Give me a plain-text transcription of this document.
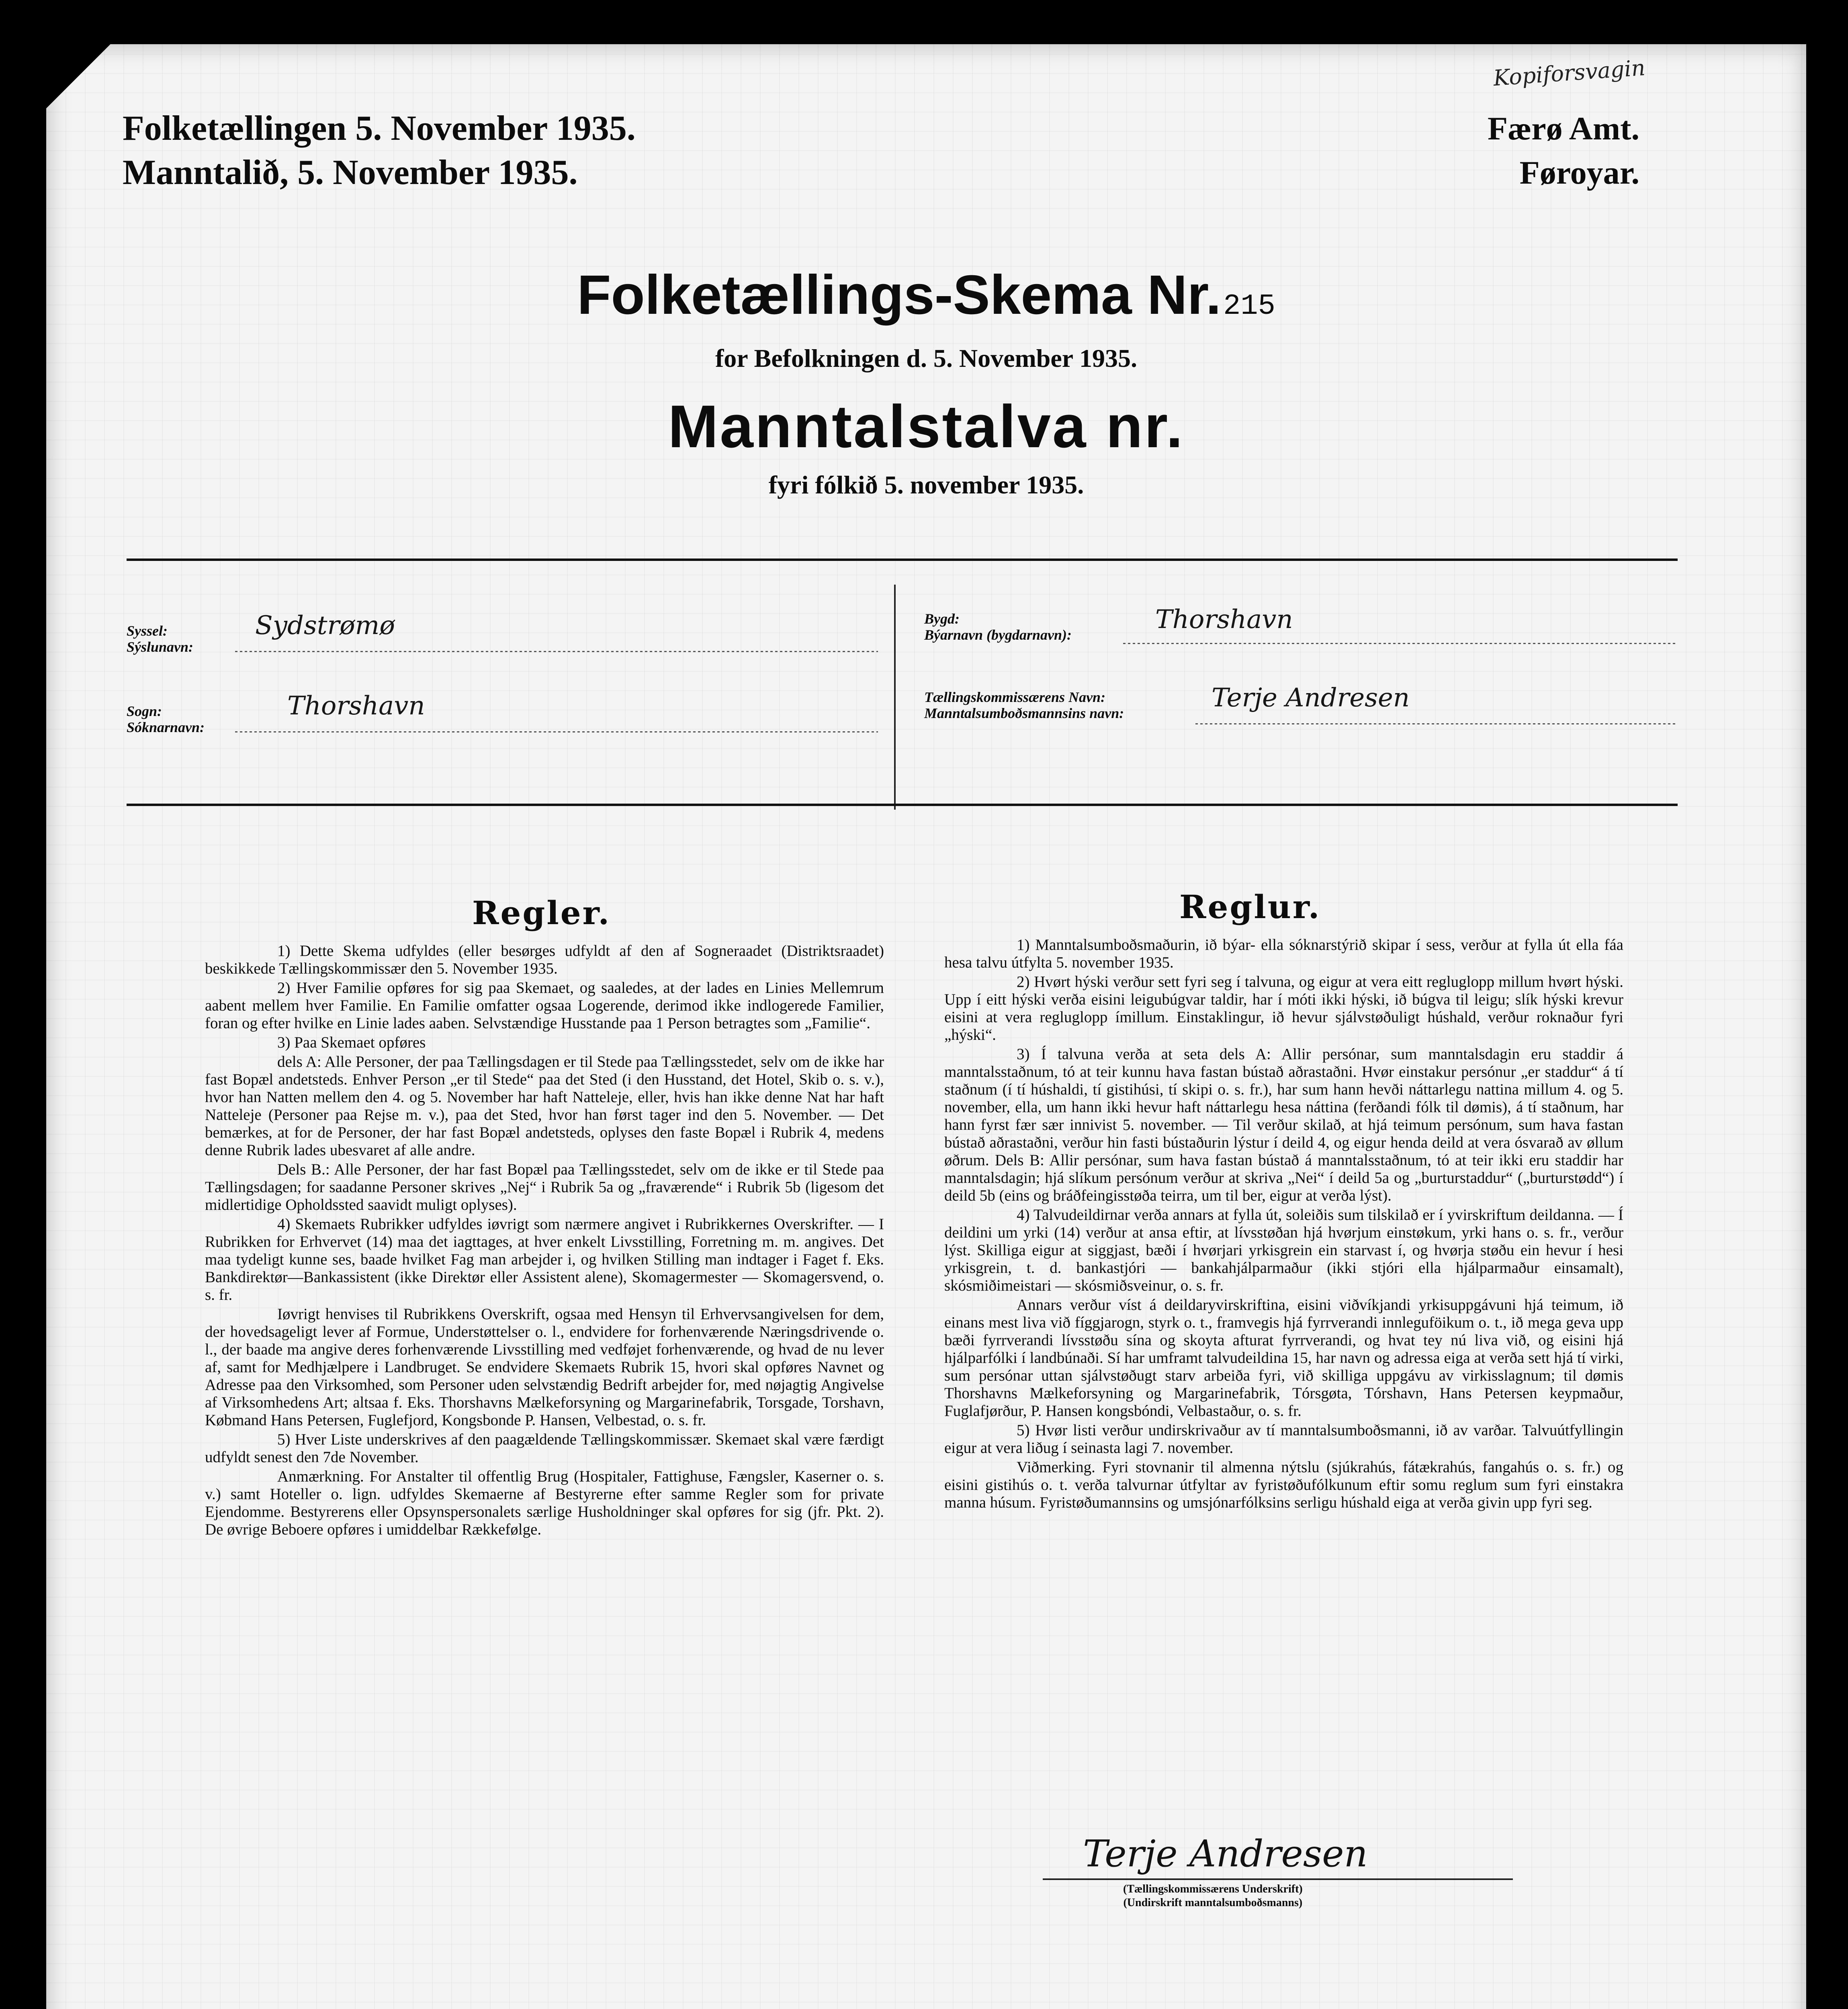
Folketællingen 5. November 1935.
Manntalið, 5. November 1935.
Kopiforsvagin
Færø Amt.
Føroyar.
Folketællings-Skema Nr. 215
for Befolkningen d. 5. November 1935.
Manntalstalva nr.
fyri fólkið 5. november 1935.
Syssel:
Sýslunavn:
Sydstrømø
Sogn:
Sóknarnavn:
Thorshavn
Bygd:
Býarnavn (bygdarnavn):
Thorshavn
Tællingskommissærens Navn:
Manntalsumboðsmannsins navn:
Terje Andresen
Regler.	Reglur.

1) Dette Skema udfyldes (eller besørges udfyldt af den af Sogneraadet (Distriktsraadet) beskikkede Tællingskommissær den 5. November 1935.

2) Hver Familie opføres for sig paa Skemaet, og saaledes, at der lades en Linies Mellemrum aabent mellem hver Familie. En Familie omfatter ogsaa Logerende, derimod ikke indlogerede Familier, foran og efter hvilke en Linie lades aaben. Selvstændige Husstande paa 1 Person betragtes som „Familie“.

3) Paa Skemaet opføres

dels A: Alle Personer, der paa Tællingsdagen er til Stede paa Tællingsstedet, selv om de ikke har fast Bopæl andetsteds. Enhver Person „er til Stede“ paa det Sted (i den Husstand, det Hotel, Skib o. s. v.), hvor han Natten mellem den 4. og 5. November har haft Natteleje, eller, hvis han ikke denne Nat har haft Natteleje (Personer paa Rejse m. v.), paa det Sted, hvor han først tager ind den 5. November. — Det bemærkes, at for de Personer, der har fast Bopæl andetsteds, oplyses den faste Bopæl i Rubrik 4, medens denne Rubrik lades ubesvaret af alle andre.

Dels B.: Alle Personer, der har fast Bopæl paa Tællingsstedet, selv om de ikke er til Stede paa Tællingsdagen; for saadanne Personer skrives „Nej“ i Rubrik 5a og „fraværende“ i Rubrik 5b (ligesom det midlertidige Opholdssted saavidt muligt oplyses).

4) Skemaets Rubrikker udfyldes iøvrigt som nærmere angivet i Rubrikkernes Overskrifter. — I Rubrikken for Erhvervet (14) maa det iagttages, at hver enkelt Livsstilling, Forretning m. m. angives. Det maa tydeligt kunne ses, baade hvilket Fag man arbejder i, og hvilken Stilling man indtager i Faget f. Eks. Bankdirektør—Bankassistent (ikke Direktør eller Assistent alene), Skomagermester — Skomagersvend, o. s. fr.

Iøvrigt henvises til Rubrikkens Overskrift, ogsaa med Hensyn til Erhvervsangivelsen for dem, der hovedsageligt lever af Formue, Understøttelser o. l., endvidere for forhenværende Næringsdrivende o. l., der baade ma angive deres forhenværende Livsstilling med vedføjet forhenværende, og hvad de nu lever af, samt for Medhjælpere i Landbruget. Se endvidere Skemaets Rubrik 15, hvori skal opføres Navnet og Adresse paa den Virksomhed, som Personer uden selvstændig Bedrift arbejder for, med nøjagtig Angivelse af Virksomhedens Art; altsaa f. Eks. Thorshavns Mælkeforsyning og Margarinefabrik, Torsgade, Torshavn, Købmand Hans Petersen, Fuglefjord, Kongsbonde P. Hansen, Velbestad, o. s. fr.

5) Hver Liste underskrives af den paagældende Tællingskommissær. Skemaet skal være færdigt udfyldt senest den 7de November.

Anmærkning. For Anstalter til offentlig Brug (Hospitaler, Fattighuse, Fængsler, Kaserner o. s. v.) samt Hoteller o. lign. udfyldes Skemaerne af Bestyrerne efter samme Regler som for private Ejendomme. Bestyrerens eller Opsynspersonalets særlige Husholdninger skal opføres for sig (jfr. Pkt. 2). De øvrige Beboere opføres i umiddelbar Rækkefølge.

1) Manntalsumboðsmaðurin, ið býar- ella sóknarstýrið skipar í sess, verður at fylla út ella fáa hesa talvu útfylta 5. november 1935.

2) Hvørt hýski verður sett fyri seg í talvuna, og eigur at vera eitt regluglopp millum hvørt hýski. Upp í eitt hýski verða eisini leigubúgvar taldir, har í móti ikki hýski, ið búgva til leigu; slík hýski krevur eisini at vera regluglopp ímillum. Einstaklingur, ið hevur sjálvstøðuligt húshald, verður roknaður fyri „hýski“.

3) Í talvuna verða at seta dels A: Allir persónar, sum manntalsdagin eru staddir á manntalsstaðnum, tó at teir kunnu hava fastan bústað aðrastaðni. Hvør einstakur persónur „er staddur“ á tí staðnum (í tí húshaldi, tí gistihúsi, tí skipi o. s. fr.), har sum hann hevði náttarlegu nattina millum 4. og 5. november, ella, um hann ikki hevur haft náttarlegu hesa náttina (ferðandi fólk til dømis), á tí staðnum, har hann fyrst fær sær innivist 5. november. — Til verður skilað, at hjá teimum persónum, sum hava fastan bústað aðrastaðni, verður hin fasti bústaðurin lýstur í deild 4, og eigur henda deild at vera ósvarað av øllum øðrum. Dels B: Allir persónar, sum hava fastan bústað á manntalsstaðnum, tó at teir ikki eru staddir har manntalsdagin; hjá slíkum persónum verður at skriva „Nei“ í deild 5a og „burturstaddur“ („burturstødd“) í deild 5b (eins og bráðfeingisstøða teirra, um til ber, eigur at verða lýst).

4) Talvudeildirnar verða annars at fylla út, soleiðis sum tilskilað er í yvirskriftum deildanna. — Í deildini um yrki (14) verður at ansa eftir, at lívsstøðan hjá hvørjum einstøkum, yrki hans o. s. fr., verður lýst. Skilliga eigur at siggjast, bæði í hvørjari yrkisgrein ein starvast í, og hvørja støðu ein hevur í hesi yrkisgrein, t. d. bankastjóri — bankahjálparmaður (ikki stjóri ella hjálparmaður einsamalt), skósmiðimeistari — skósmiðsveinur, o. s. fr.

Annars verður víst á deildaryvirskriftina, eisini viðvíkjandi yrkisuppgávuni hjá teimum, ið einans mest liva við fíggjarogn, styrk o. t., framvegis hjá fyrrverandi innleguföikum o. t., ið mega geva upp bæði fyrrverandi lívsstøðu sína og skoyta afturat fyrrverandi, og hvat tey nú liva við, og eisini hjá hjálparfólki í landbúnaði. Sí har umframt talvudeildina 15, har navn og adressa eiga at verða sett hjá tí virki, sum persónar uttan sjálvstøðugt starv arbeiða fyri, við skilliga uppgávu av virkisslagnum; til dømis Thorshavns Mælkeforsyning og Margarinefabrik, Tórsgøta, Tórshavn, Hans Petersen keypmaður, Fuglafjørður, P. Hansen kongsbóndi, Velbastaður, o. s. fr.

5) Hvør listi verður undirskrivaður av tí manntalsumboðsmanni, ið av varðar. Talvuútfyllingin eigur at vera liðug í seinasta lagi 7. november.

Viðmerking. Fyri stovnanir til almenna nýtslu (sjúkrahús, fátækrahús, fangahús o. s. fr.) og eisini gistihús o. t. verða talvurnar útfyltar av fyristøðufólkunum eftir somu reglum sum fyri einstakra manna húsum. Fyristøðumannsins og umsjónarfólksins serligu húshald eiga at verða givin upp fyri seg.

Terje Andresen
(Tællingskommissærens Underskrift)
(Undirskrift manntalsumboðsmanns)
